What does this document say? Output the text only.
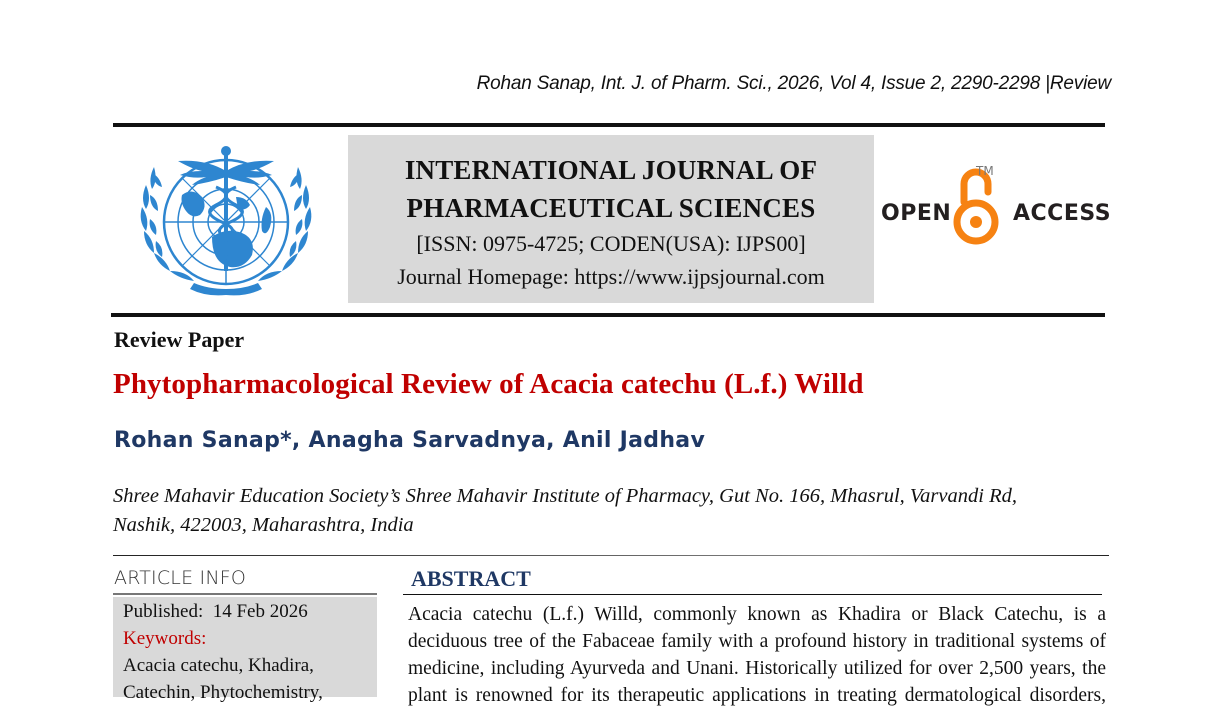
Rohan Sanap, Int. J. of Pharm. Sci., 2026, Vol 4, Issue 2, 2290-2298 |Review
INTERNATIONAL JOURNAL OF
PHARMACEUTICAL SCIENCES
[ISSN: 0975-4725; CODEN(USA): IJPS00]
Journal Homepage: https://www.ijpsjournal.com
OPEN
TM
ACCESS
Review Paper
Phytopharmacological Review of Acacia catechu (L.f.) Willd
Rohan Sanap*, Anagha Sarvadnya, Anil Jadhav
Shree Mahavir Education Society’s Shree Mahavir Institute of Pharmacy, Gut No. 166, Mhasrul, Varvandi Rd,
Nashik, 422003, Maharashtra, India
ARTICLE INFO
Published: 14 Feb 2026
Keywords:
Acacia catechu, Khadira,
Catechin, Phytochemistry,
ABSTRACT
Acacia catechu (L.f.) Willd, commonly known as Khadira or Black Catechu, is a
deciduous tree of the Fabaceae family with a profound history in traditional systems of
medicine, including Ayurveda and Unani. Historically utilized for over 2,500 years, the
plant is renowned for its therapeutic applications in treating dermatological disorders,
